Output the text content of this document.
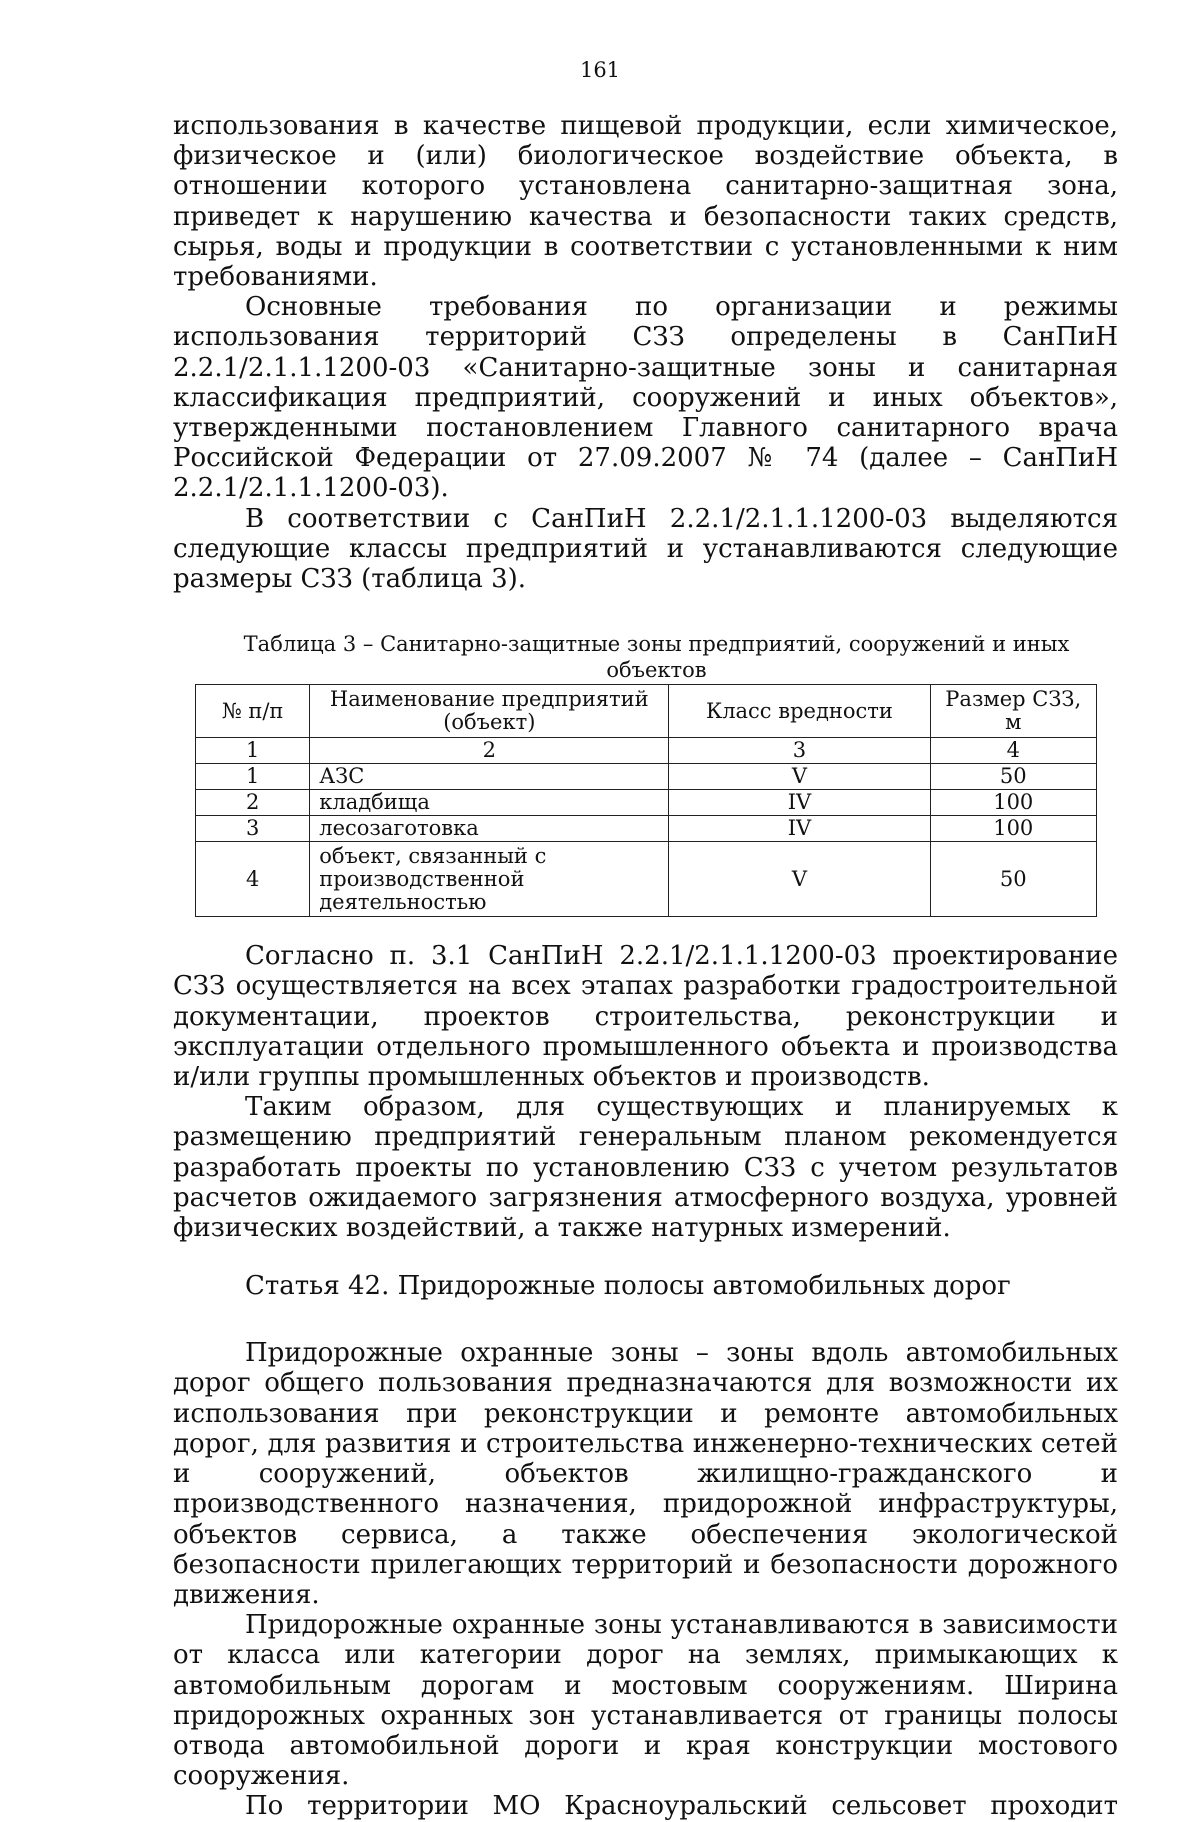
161

использования в качестве пищевой продукции, если химическое, физическое и (или) биологическое воздействие объекта, в отношении которого установлена санитарно-защитная зона, приведет к нарушению качества и безопасности таких средств, сырья, воды и продукции в соответствии с установленными к ним требованиями.

Основные требования по организации и режимы использования территорий СЗЗ определены в СанПиН 2.2.1/2.1.1.1200-03 «Санитарно-защитные зоны и санитарная классификация предприятий, сооружений и иных объектов», утвержденными постановлением Главного санитарного врача Российской Федерации от 27.09.2007 № 74 (далее – СанПиН 2.2.1/2.1.1.1200-03).

В соответствии с СанПиН 2.2.1/2.1.1.1200-03 выделяются следующие классы предприятий и устанавливаются следующие размеры СЗЗ (таблица 3).

Таблица 3 – Санитарно-защитные зоны предприятий, сооружений и иных объектов
№ п/п	Наименование предприятий (объект)	Класс вредности	Размер СЗЗ, м
1	2	3	4
1	АЗС	V	50
2	кладбища	IV	100
3	лесозаготовка	IV	100
4	объект, связанный с производственной деятельностью	V	50

Согласно п. 3.1 СанПиН 2.2.1/2.1.1.1200-03 проектирование СЗЗ осуществляется на всех этапах разработки градостроительной документации, проектов строительства, реконструкции и эксплуатации отдельного промышленного объекта и производства и/или группы промышленных объектов и производств.

Таким образом, для существующих и планируемых к размещению предприятий генеральным планом рекомендуется разработать проекты по установлению СЗЗ с учетом результатов расчетов ожидаемого загрязнения атмосферного воздуха, уровней физических воздействий, а также натурных измерений.

Статья 42. Придорожные полосы автомобильных дорог

Придорожные охранные зоны – зоны вдоль автомобильных дорог общего пользования предназначаются для возможности их использования при реконструкции и ремонте автомобильных дорог, для развития и строительства инженерно-технических сетей и сооружений, объектов жилищно-гражданского и производственного назначения, придорожной инфраструктуры, объектов сервиса, а также обеспечения экологической безопасности прилегающих территорий и безопасности дорожного движения.

Придорожные охранные зоны устанавливаются в зависимости от класса или категории дорог на землях, примыкающих к автомобильным дорогам и мостовым сооружениям. Ширина придорожных охранных зон устанавливается от границы полосы отвода автомобильной дороги и края конструкции мостового сооружения.

По территории МО Красноуральский сельсовет проходит
